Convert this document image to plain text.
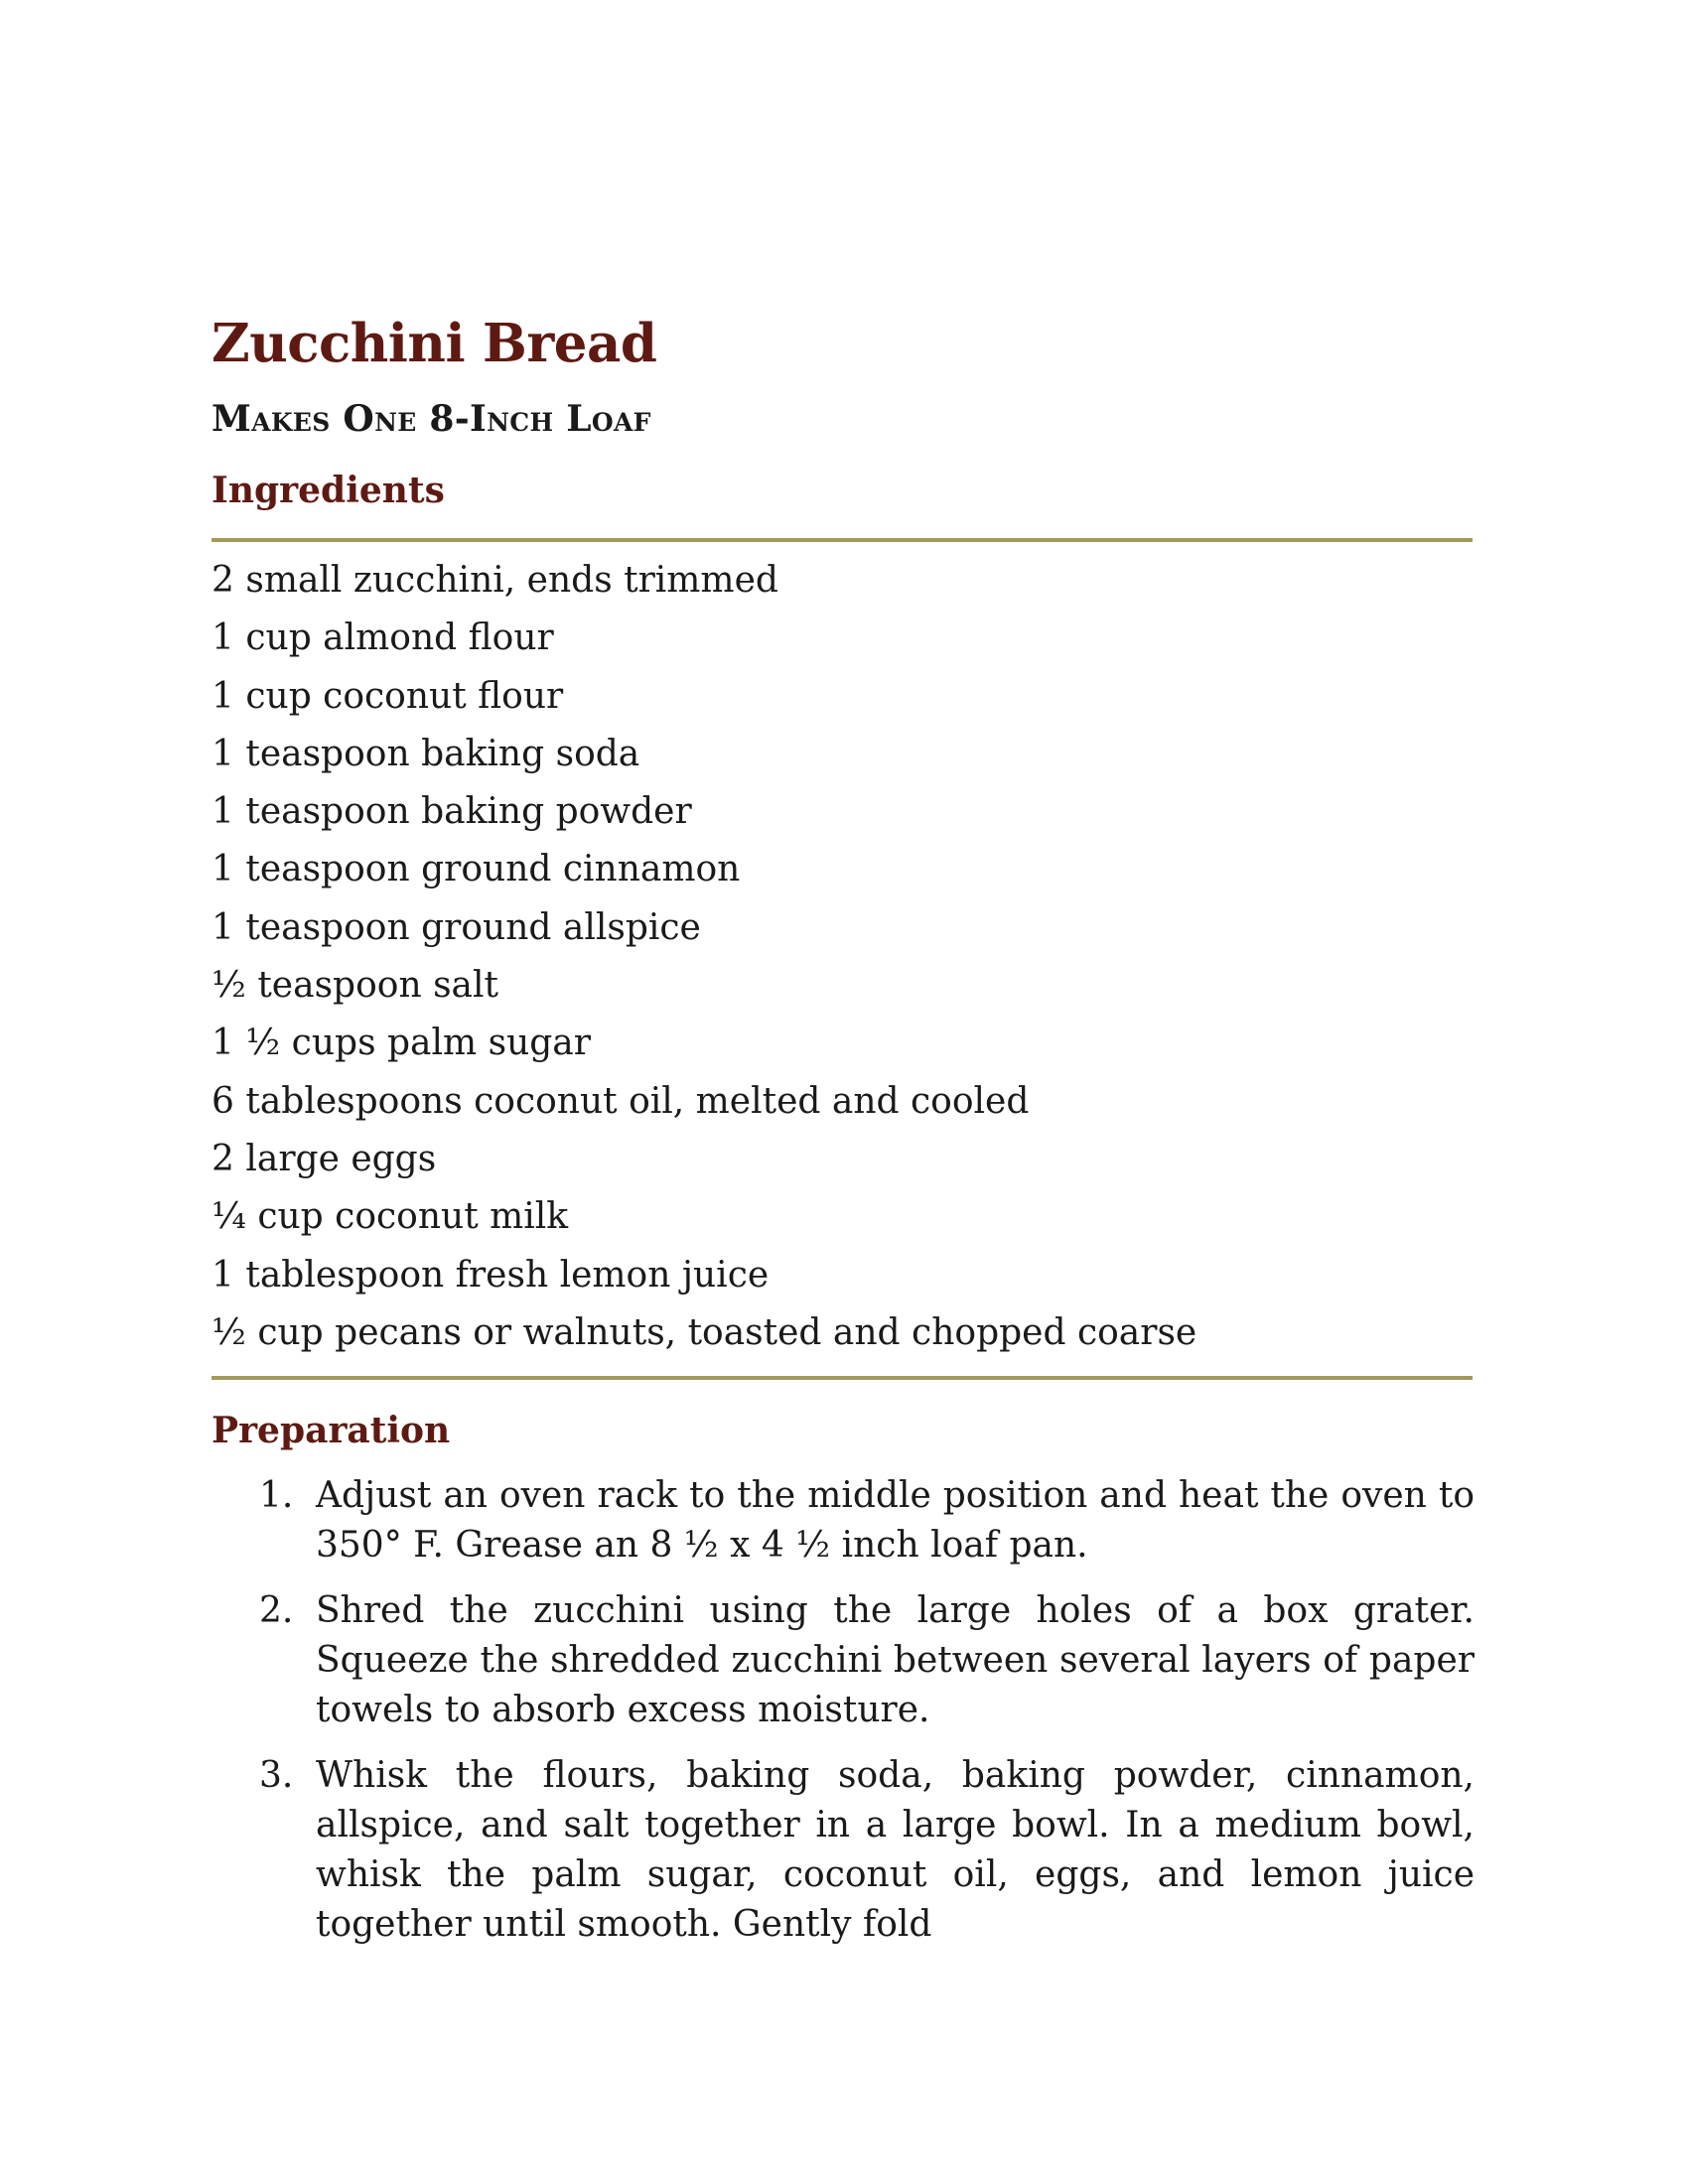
Zucchini Bread
Makes One 8-Inch Loaf
Ingredients
2 small zucchini, ends trimmed
1 cup almond flour
1 cup coconut flour
1 teaspoon baking soda
1 teaspoon baking powder
1 teaspoon ground cinnamon
1 teaspoon ground allspice
½ teaspoon salt
1 ½ cups palm sugar
6 tablespoons coconut oil, melted and cooled
2 large eggs
¼ cup coconut milk
1 tablespoon fresh lemon juice
½ cup pecans or walnuts, toasted and chopped coarse
Preparation
1. Adjust an oven rack to the middle position and heat the oven to 350° F. Grease an 8 ½ x 4 ½ inch loaf pan.
2. Shred the zucchini using the large holes of a box grater. Squeeze the shredded zucchini between several layers of paper towels to absorb excess moisture.
3. Whisk the flours, baking soda, baking powder, cinnamon, allspice, and salt together in a large bowl. In a medium bowl, whisk the palm sugar, coconut oil, eggs, and lemon juice together until smooth. Gently fold
